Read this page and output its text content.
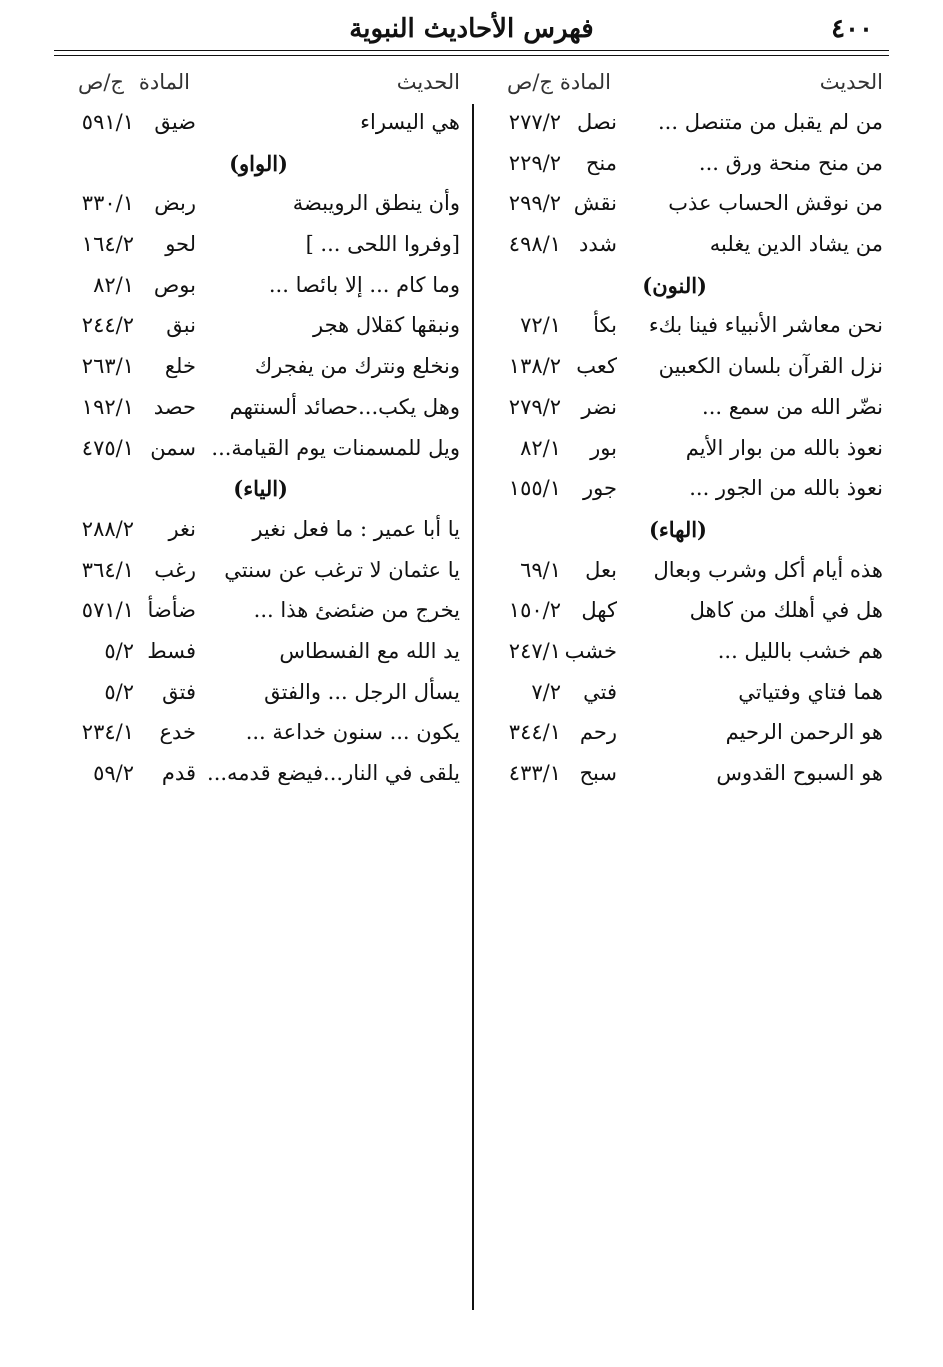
٤٠٠
فهرس الأحاديث النبوية
الحديث
المادة
ج/ص
من لم يقبل من متنصل ...
نصل
٢٧٧/٢
من منح منحة ورق ...
منح
٢٢٩/٢
من نوقش الحساب عذب
نقش
٢٩٩/٢
من يشاد الدين يغلبه
شدد
٤٩٨/١
(النون)
نحن معاشر الأنبياء فينا بكء
بكأ
٧٢/١
نزل القرآن بلسان الكعبين
كعب
١٣٨/٢
نضّر الله من سمع ...
نضر
٢٧٩/٢
نعوذ بالله من بوار الأيم
بور
٨٢/١
نعوذ بالله من الجور ...
جور
١٥٥/١
(الهاء)
هذه أيام أكل وشرب وبعال
بعل
٦٩/١
هل في أهلك من كاهل
كهل
١٥٠/٢
هم خشب بالليل ...
خشب
٢٤٧/١
هما فتاي وفتياتي
فتي
٧/٢
هو الرحمن الرحيم
رحم
٣٤٤/١
هو السبوح القدوس
سبح
٤٣٣/١
الحديث
المادة
ج/ص
هي اليسراء
ضيق
٥٩١/١
(الواو)
وأن ينطق الرويبضة
ربض
٣٣٠/١
[وفروا اللحى ... ]
لحو
١٦٤/٢
وما كام ... إلا بائصا ...
بوص
٨٢/١
ونبقها كقلال هجر
نبق
٢٤٤/٢
ونخلع ونترك من يفجرك
خلع
٢٦٣/١
وهل يكب...حصائد ألسنتهم
حصد
١٩٢/١
ويل للمسمنات يوم القيامة...
سمن
٤٧٥/١
(الياء)
يا أبا عمير : ما فعل نغير
نغر
٢٨٨/٢
يا عثمان لا ترغب عن سنتي
رغب
٣٦٤/١
يخرج من ضئضئ هذا ...
ضأضأ
٥٧١/١
يد الله مع الفسطاس
فسط
٥/٢
يسأل الرجل ... والفتق
فتق
٥/٢
يكون ... سنون خداعة ...
خدع
٢٣٤/١
يلقى في النار...فيضع قدمه...
قدم
٥٩/٢
